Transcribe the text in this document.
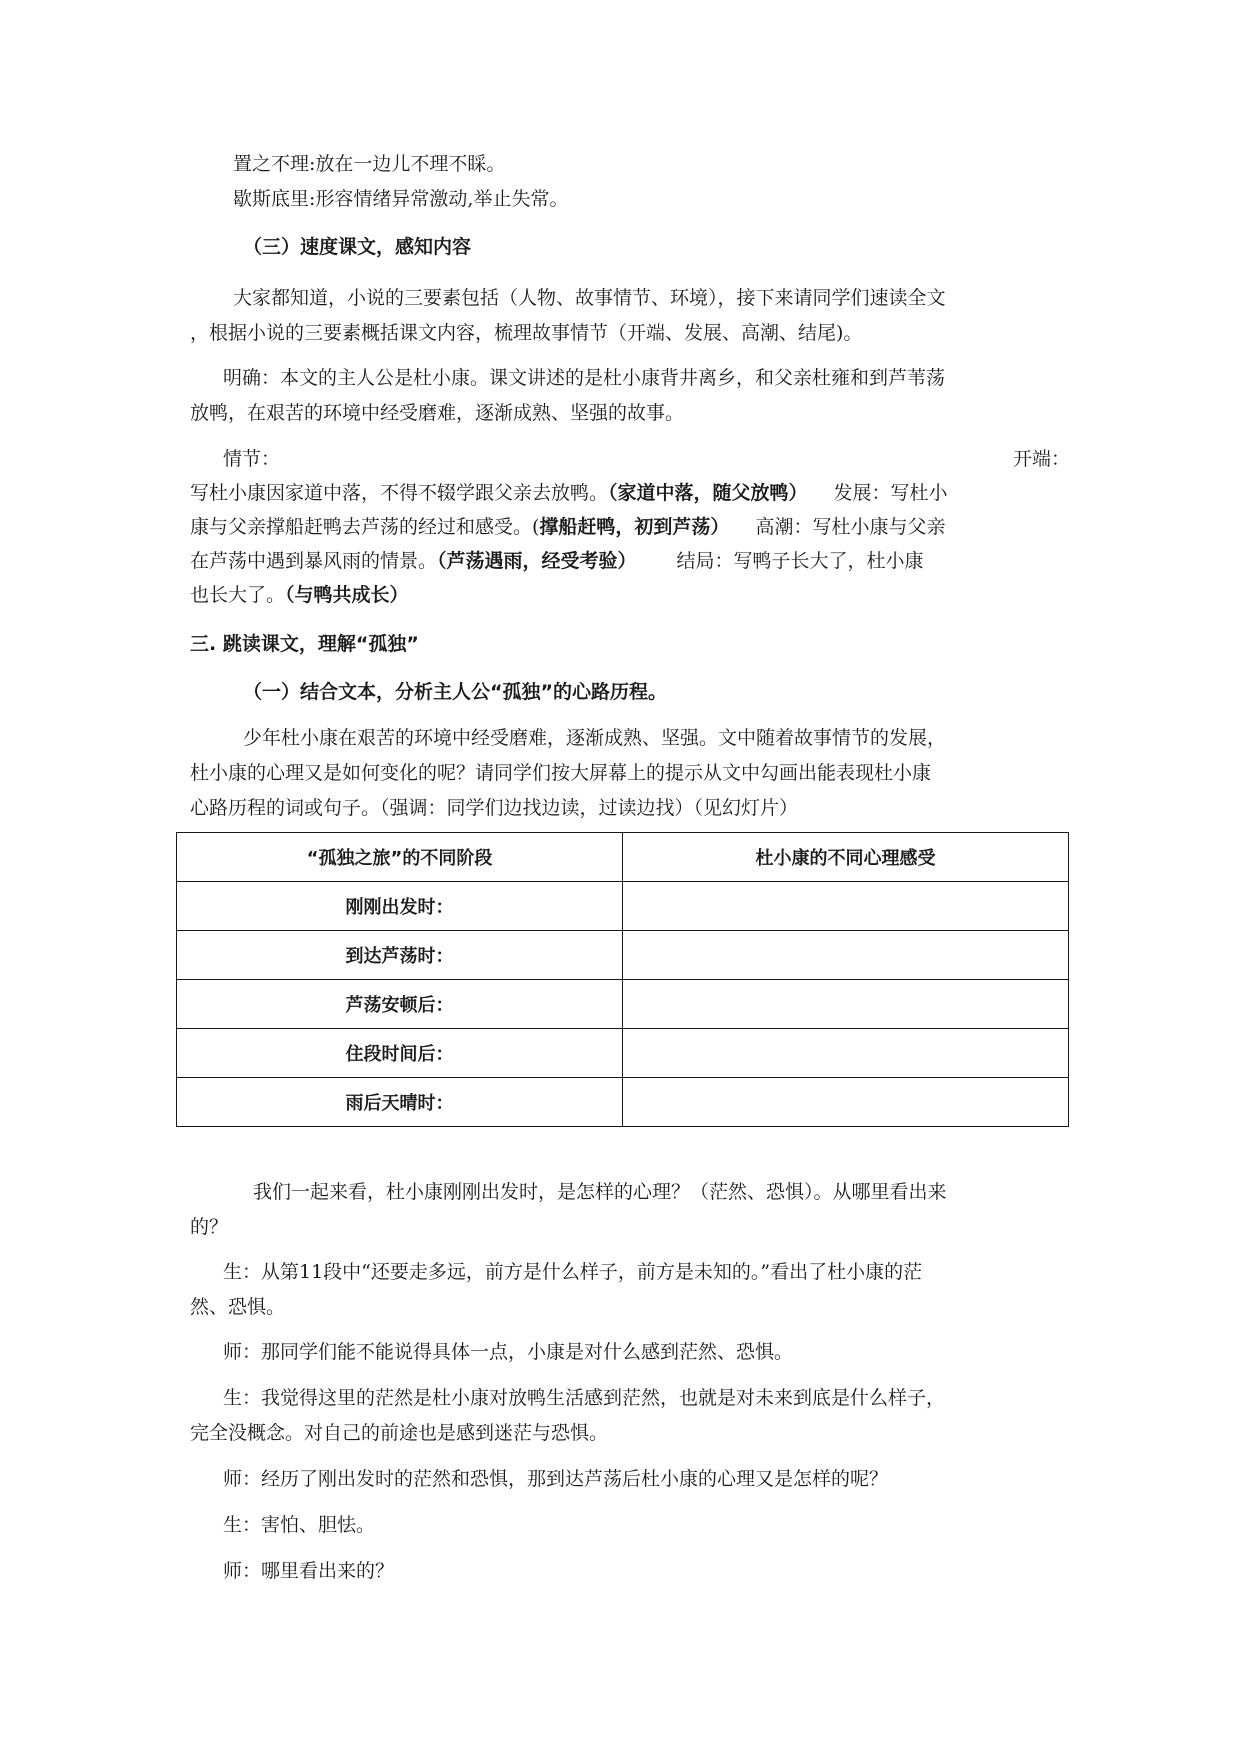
置之不理:放在一边儿不理不睬。
歇斯底里:形容情绪异常激动,举止失常。
（三）速度课文，感知内容
大家都知道，小说的三要素包括（人物、故事情节、环境），接下来请同学们速读全文
，根据小说的三要素概括课文内容，梳理故事情节（开端、发展、高潮、结尾)。
明确：本文的主人公是杜小康。课文讲述的是杜小康背井离乡，和父亲杜雍和到芦苇荡
放鸭，在艰苦的环境中经受磨难，逐渐成熟、坚强的故事。
情节：	开端：
写杜小康因家道中落，不得不辍学跟父亲去放鸭。（家道中落，随父放鸭） 发展：写杜小
康与父亲撑船赶鸭去芦荡的经过和感受。(撑船赶鸭，初到芦荡） 高潮：写杜小康与父亲
在芦荡中遇到暴风雨的情景。（芦荡遇雨，经受考验） 结局：写鸭子长大了，杜小康
也长大了。（与鸭共成长）
三. 跳读课文，理解“孤独”
（一）结合文本，分析主人公“孤独”的心路历程。
少年杜小康在艰苦的环境中经受磨难，逐渐成熟、坚强。文中随着故事情节的发展，
杜小康的心理又是如何变化的呢？请同学们按大屏幕上的提示从文中勾画出能表现杜小康
心路历程的词或句子。（强调：同学们边找边读，过读边找）（见幻灯片）
“孤独之旅”的不同阶段	杜小康的不同心理感受
刚刚出发时：	
到达芦荡时：	
芦荡安顿后：	
住段时间后：	
雨后天晴时：	
我们一起来看，杜小康刚刚出发时，是怎样的心理？（茫然、恐惧）。从哪里看出来
的？
生：从第11段中“还要走多远，前方是什么样子，前方是未知的。”看出了杜小康的茫
然、恐惧。
师：那同学们能不能说得具体一点，小康是对什么感到茫然、恐惧。
生：我觉得这里的茫然是杜小康对放鸭生活感到茫然，也就是对未来到底是什么样子，
完全没概念。对自己的前途也是感到迷茫与恐惧。
师：经历了刚出发时的茫然和恐惧，那到达芦荡后杜小康的心理又是怎样的呢？
生：害怕、胆怯。
师：哪里看出来的？
